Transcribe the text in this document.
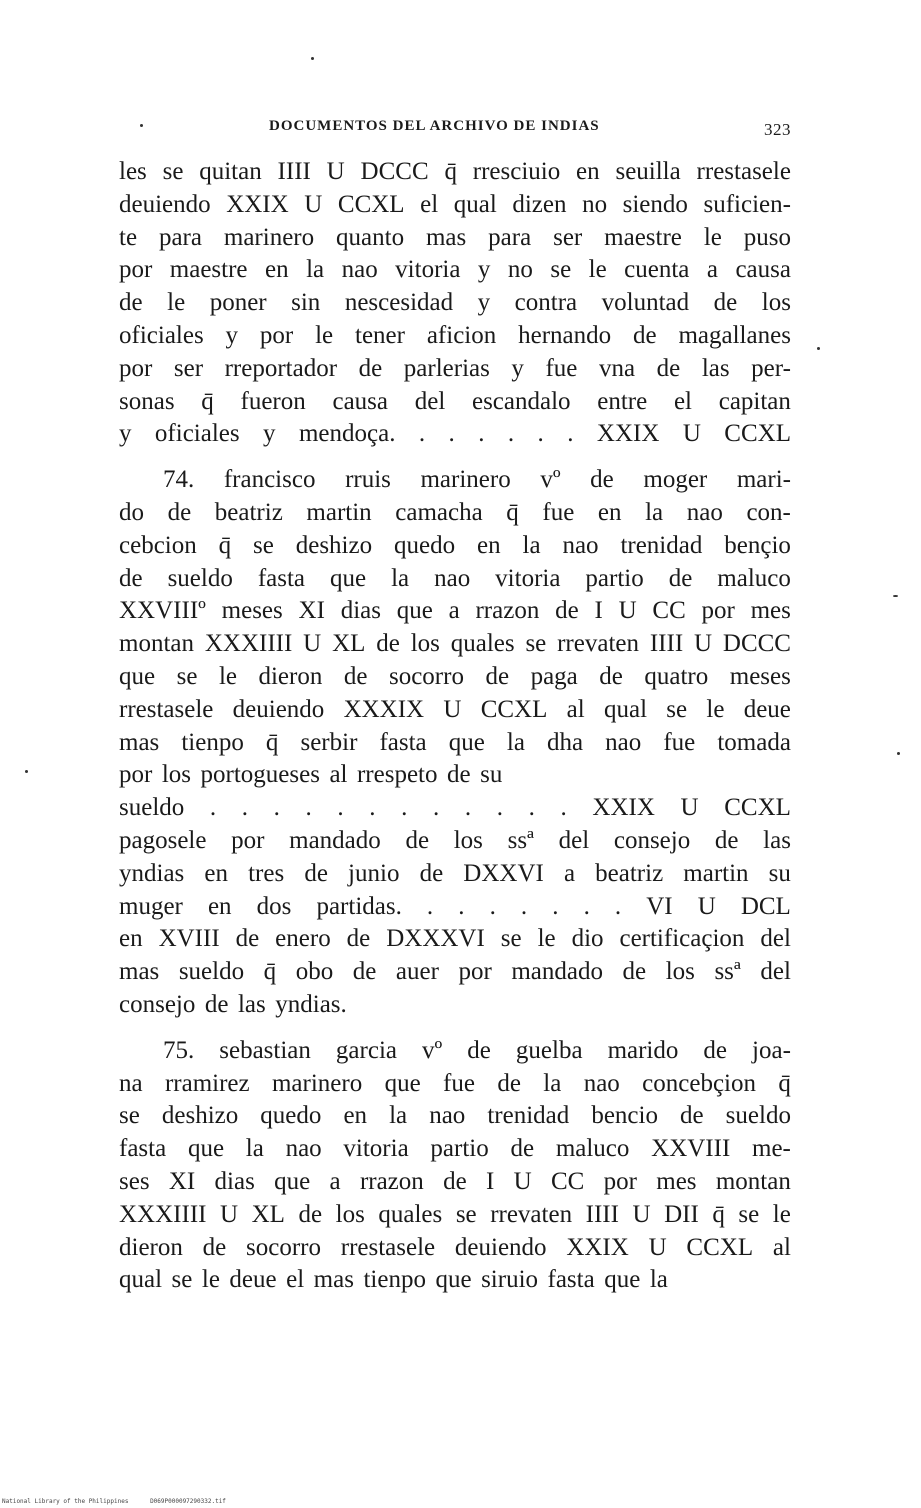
DOCUMENTOS DEL ARCHIVO DE INDIAS	323
les se quitan IIII U DCCC q̄ rresciuio en seuilla rrestasele
deuiendo XXIX U CCXL el qual dizen no siendo suficien-
te para marinero quanto mas para ser maestre le puso
por maestre en la nao vitoria y no se le cuenta a causa
de le poner sin nescesidad y contra voluntad de los
oficiales y por le tener aficion hernando de magallanes
por ser rreportador de parlerias y fue vna de las per-
sonas q̄ fueron causa del escandalo entre el capitan
y oficiales y mendoça. . . . . . . XXIX U CCXL
74. francisco rruis marinero vº de moger mari-
do de beatriz martin camacha q̄ fue en la nao con-
cebcion q̄ se deshizo quedo en la nao trenidad bençio
de sueldo fasta que la nao vitoria partio de maluco
XXVIIIº meses XI dias que a rrazon de I U CC por mes
montan XXXIIII U XL de los quales se rrevaten IIII U DCCC
que se le dieron de socorro de paga de quatro meses
rrestasele deuiendo XXXIX U CCXL al qual se le deue
mas tienpo q̄ serbir fasta que la dha nao fue tomada
por los portogueses al rrespeto de su
sueldo . . . . . . . . . . . . XXIX U CCXL
pagosele por mandado de los ssª del consejo de las
yndias en tres de junio de DXXVI a beatriz martin su
muger en dos partidas. . . . . . . . VI U DCL
en XVIII de enero de DXXXVI se le dio certificaçion del
mas sueldo q̄ obo de auer por mandado de los ssª del
consejo de las yndias.
75. sebastian garcia vº de guelba marido de joa-
na rramirez marinero que fue de la nao concebçion q̄
se deshizo quedo en la nao trenidad bencio de sueldo
fasta que la nao vitoria partio de maluco XXVIII me-
ses XI dias que a rrazon de I U CC por mes montan
XXXIIII U XL de los quales se rrevaten IIII U DII q̄ se le
dieron de socorro rrestasele deuiendo XXIX U CCXL al
qual se le deue el mas tienpo que siruio fasta que la
National Library of the Philippines	D069P000097290332.tif
